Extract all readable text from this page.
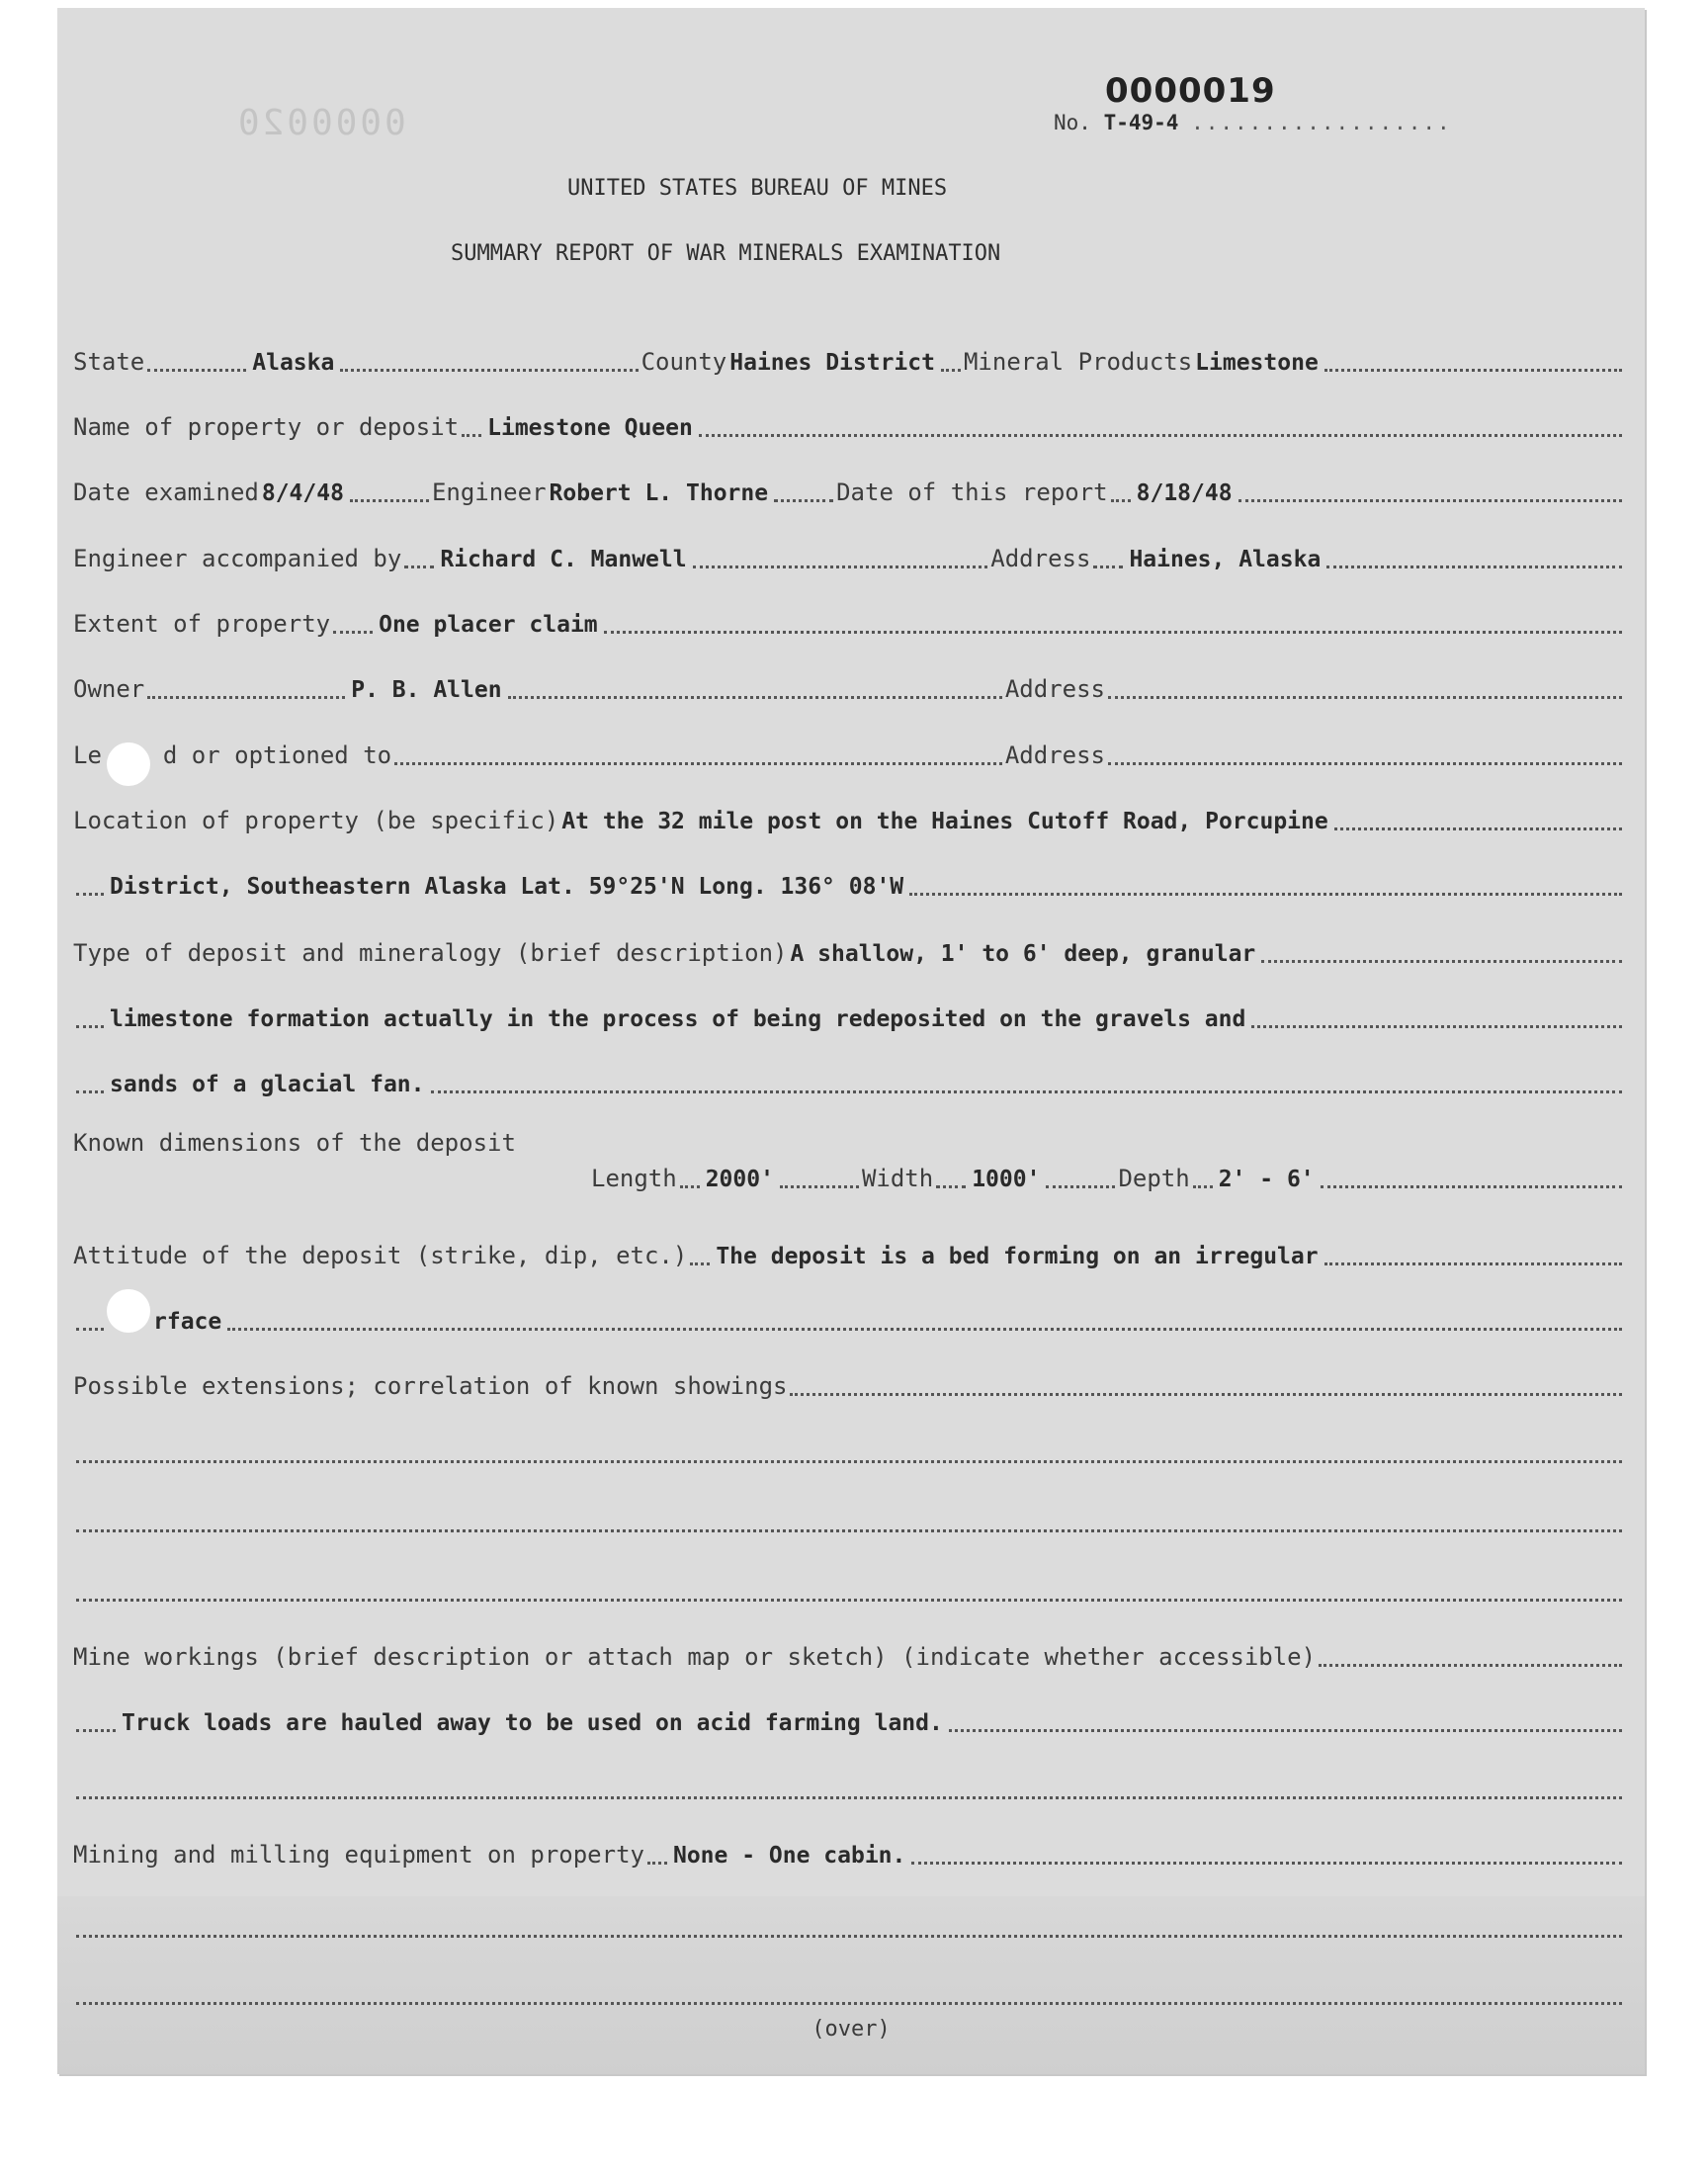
0000020
0000019
No. T-49-4 ..................
UNITED STATES BUREAU OF MINES
SUMMARY REPORT OF WAR MINERALS EXAMINATION
State	Alaska	County Haines District Mineral Products Limestone
Name of property or deposit Limestone Queen
Date examined 8/4/48	Engineer Robert L. Thorne	Date of this report 8/18/48
Engineer accompanied by Richard C. Manwell	Address Haines, Alaska
Extent of property One placer claim
Owner	P. B. Allen	Address
Le	d or optioned to	Address
Location of property (be specific) At the 32 mile post on the Haines Cutoff Road, Porcupine
District, Southeastern Alaska Lat. 59°25'N Long. 136° 08'W
Type of deposit and mineralogy (brief description) A shallow, 1' to 6' deep, granular
limestone formation actually in the process of being redeposited on the gravels and
sands of a glacial fan.
Known dimensions of the deposit
Length 2000'	Width 1000'	Depth 2' - 6'
Attitude of the deposit (strike, dip, etc.) The deposit is a bed forming on an irregular
rface
Possible extensions; correlation of known showings
Mine workings (brief description or attach map or sketch) (indicate whether accessible)
Truck loads are hauled away to be used on acid farming land.
Mining and milling equipment on property None - One cabin.
(over)
